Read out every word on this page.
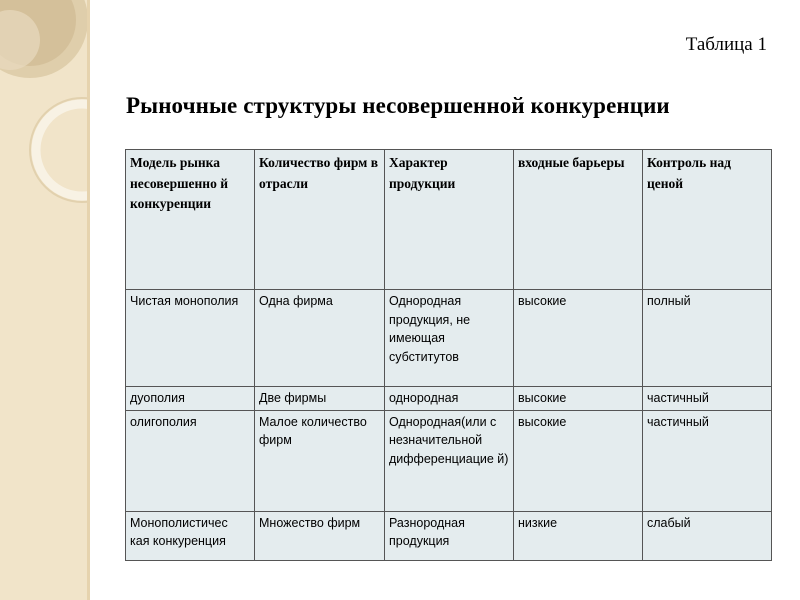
Таблица 1
Рыночные структуры несовершенной конкуренции
Модель рынка несовершенно й конкуренции	Количество фирм в отрасли	Характер продукции	входные барьеры	Контроль над ценой
Чистая монополия	Одна фирма	Однородная продукция, не имеющая субститутов	высокие	полный
дуополия	Две фирмы	однородная	высокие	частичный
олигополия	Малое количество фирм	Однородная(или с незначительной дифференциацие й)	высокие	частичный
Монополистичес кая конкуренция	Множество фирм	Разнородная продукция	низкие	слабый
